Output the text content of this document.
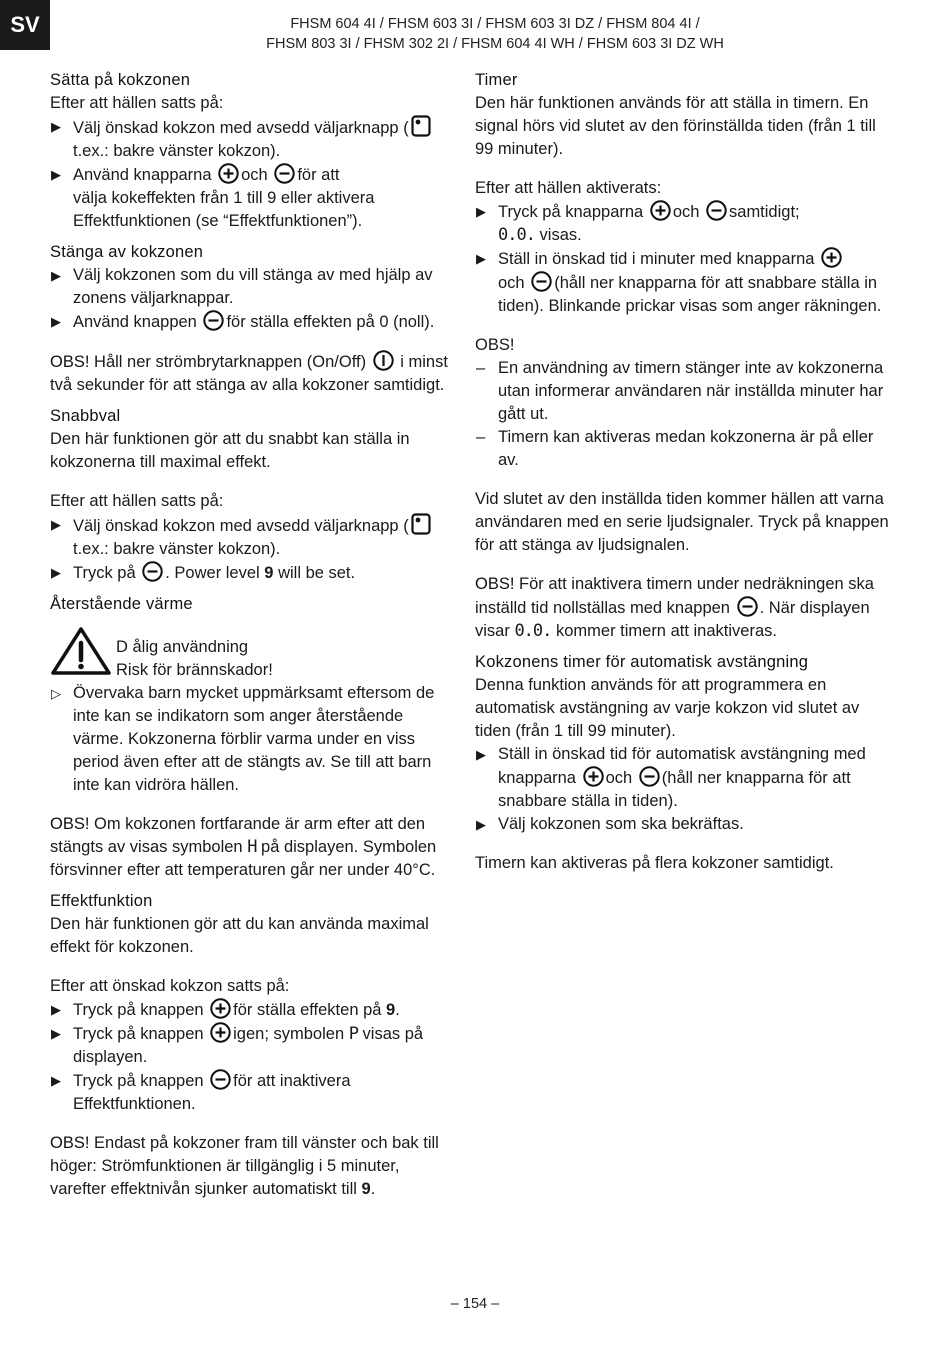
SV	FHSM 604 4I / FHSM 603 3I / FHSM 603 3I DZ / FHSM 804 4I /
FHSM 803 3I / FHSM 302 2I / FHSM 604 4I WH / FHSM 603 3I DZ WH
Sätta på kokzonen

Efter att hällen satts på:

▶ Välj önskad kokzon med avsedd väljarknapp (
t.ex.: bakre vänster kokzon).
▶ Använd knapparna och för att
välja kokeffekten från 1 till 9 eller aktivera
Effektfunktionen (se “Effektfunktionen”).
Stänga av kokzonen
▶ Välj kokzonen som du vill stänga av med hjälp av zonens väljarknappar.
▶ Använd knappen för ställa effekten på 0 (noll).

OBS! Håll ner strömbrytarknappen (On/Off)  i minst två sekunder för att stänga av alla kokzoner samtidigt.

Snabbval

Den här funktionen gör att du snabbt kan ställa in kokzonerna till maximal effekt.

Efter att hällen satts på:

▶ Välj önskad kokzon med avsedd väljarknapp (
t.ex.: bakre vänster kokzon).
▶ Tryck på . Power level 9 will be set.
Återstående värme
D ålig användning
Risk för brännskador!
▷ Övervaka barn mycket uppmärksamt eftersom de inte kan se indikatorn som anger återstående värme. Kokzonerna förblir varma under en viss period även efter att de stängts av. Se till att barn inte kan vidröra hällen.

OBS! Om kokzonen fortfarande är arm efter att den stängts av visas symbolen H på displayen. Symbolen försvinner efter att temperaturen går ner under 40°C.

Effektfunktion

Den här funktionen gör att du kan använda maximal effekt för kokzonen.

Efter att önskad kokzon satts på:

▶ Tryck på knappen för ställa effekten på 9.
▶ Tryck på knappen igen; symbolen P visas på displayen.
▶ Tryck på knappen för att inaktivera Effektfunktionen.

OBS! Endast på kokzoner fram till vänster och bak till höger: Strömfunktionen är tillgänglig i 5 minuter, varefter effektnivån sjunker automatiskt till 9.

Timer

Den här funktionen används för att ställa in timern. En signal hörs vid slutet av den förinställda tiden (från 1 till 99 minuter).

Efter att hällen aktiverats:

▶ Tryck på knapparna och samtidigt;
0.0. visas.
▶ Ställ in önskad tid i minuter med knapparna
och (håll ner knapparna för att snabbare ställa in tiden). Blinkande prickar visas som anger räkningen.

OBS!

– En användning av timern stänger inte av kokzonerna utan informerar användaren när inställda minuter har gått ut.
– Timern kan aktiveras medan kokzonerna är på eller av.

Vid slutet av den inställda tiden kommer hällen att varna användaren med en serie ljudsignaler. Tryck på knappen för att stänga av ljudsignalen.

OBS! För att inaktivera timern under nedräkningen ska inställd tid nollställas med knappen . När displayen visar 0.0. kommer timern att inaktiveras.

Kokzonens timer för automatisk avstängning

Denna funktion används för att programmera en automatisk avstängning av varje kokzon vid slutet av tiden (från 1 till 99 minuter).

▶ Ställ in önskad tid för automatisk avstängning med knapparna och (håll ner knapparna för att snabbare ställa in tiden).
▶ Välj kokzonen som ska bekräftas.

Timern kan aktiveras på flera kokzoner samtidigt.

– 154 –
